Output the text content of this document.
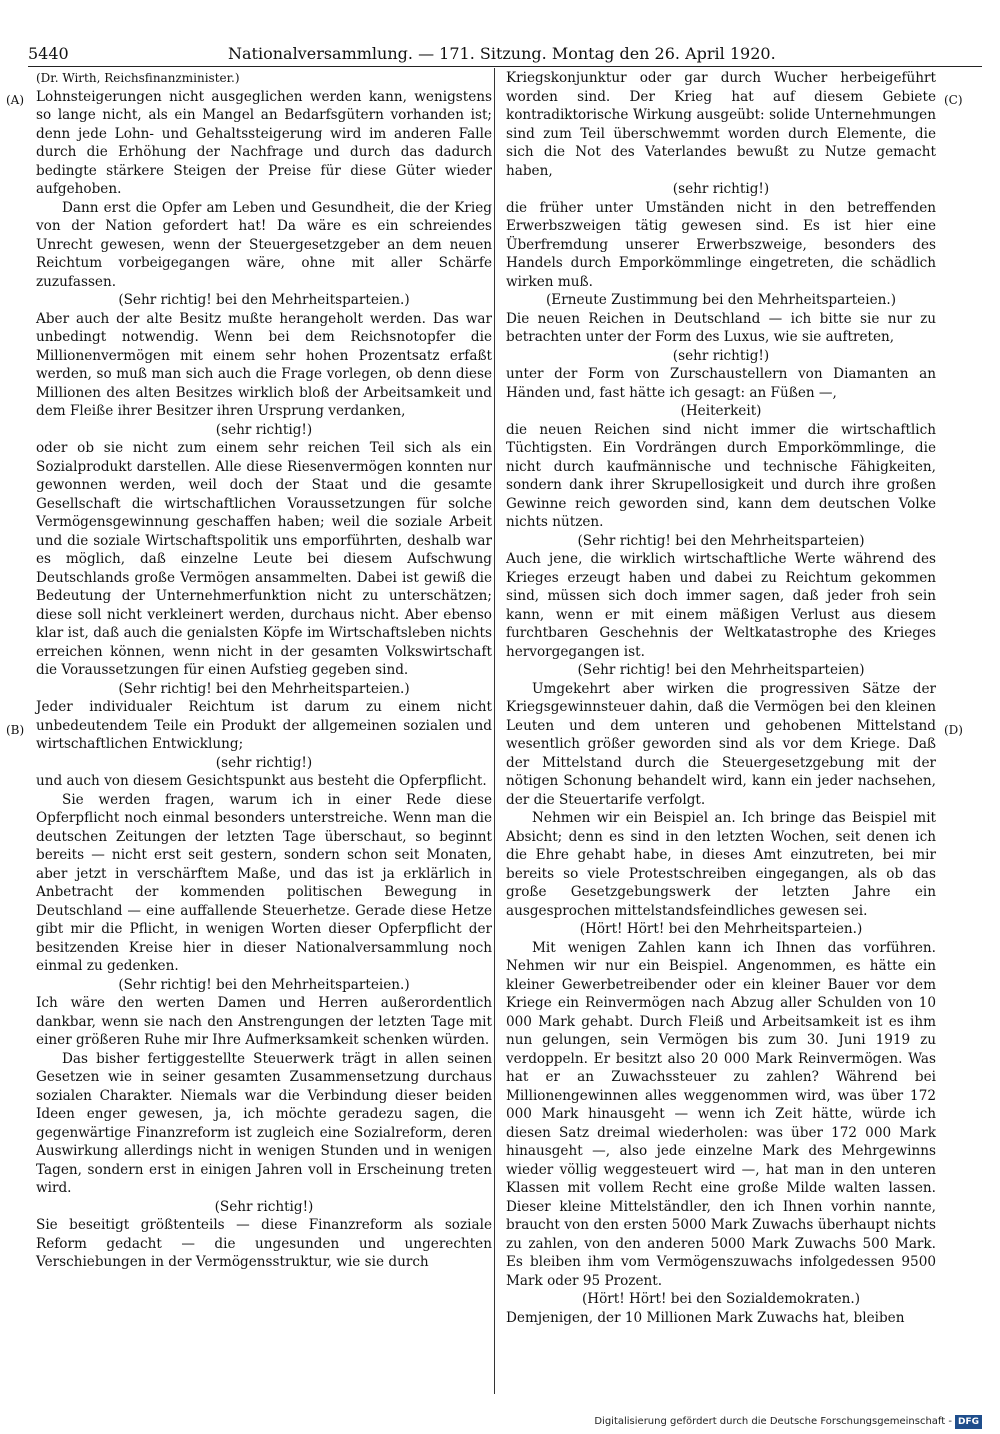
5440	Nationalversammlung. — 171. Sitzung. Montag den 26. April 1920.
(A)
(B)
(C)
(D)

(Dr. Wirth, Reichsfinanzminister.)

Lohnsteigerungen nicht ausgeglichen werden kann, wenigstens so lange nicht, als ein Mangel an Bedarfsgütern vorhanden ist; denn jede Lohn- und Gehaltssteigerung wird im anderen Falle durch die Erhöhung der Nachfrage und durch das dadurch bedingte stärkere Steigen der Preise für diese Güter wieder aufgehoben.

Dann erst die Opfer am Leben und Gesundheit, die der Krieg von der Nation gefordert hat! Da wäre es ein schreiendes Unrecht gewesen, wenn der Steuergesetzgeber an dem neuen Reichtum vorbeigegangen wäre, ohne mit aller Schärfe zuzufassen.

(Sehr richtig! bei den Mehrheitsparteien.)

Aber auch der alte Besitz mußte herangeholt werden. Das war unbedingt notwendig. Wenn bei dem Reichsnotopfer die Millionenvermögen mit einem sehr hohen Prozentsatz erfaßt werden, so muß man sich auch die Frage vorlegen, ob denn diese Millionen des alten Besitzes wirklich bloß der Arbeitsamkeit und dem Fleiße ihrer Besitzer ihren Ursprung verdanken,

(sehr richtig!)

oder ob sie nicht zum einem sehr reichen Teil sich als ein Sozialprodukt darstellen. Alle diese Riesenvermögen konnten nur gewonnen werden, weil doch der Staat und die gesamte Gesellschaft die wirtschaftlichen Voraussetzungen für solche Vermögensgewinnung geschaffen haben; weil die soziale Arbeit und die soziale Wirtschaftspolitik uns emporführten, deshalb war es möglich, daß einzelne Leute bei diesem Aufschwung Deutschlands große Vermögen ansammelten. Dabei ist gewiß die Bedeutung der Unternehmerfunktion nicht zu unterschätzen; diese soll nicht verkleinert werden, durchaus nicht. Aber ebenso klar ist, daß auch die genialsten Köpfe im Wirtschaftsleben nichts erreichen können, wenn nicht in der gesamten Volkswirtschaft die Voraussetzungen für einen Aufstieg gegeben sind.

(Sehr richtig! bei den Mehrheitsparteien.)

Jeder individualer Reichtum ist darum zu einem nicht unbedeutendem Teile ein Produkt der allgemeinen sozialen und wirtschaftlichen Entwicklung;

(sehr richtig!)

und auch von diesem Gesichtspunkt aus besteht die Opferpflicht.

Sie werden fragen, warum ich in einer Rede diese Opferpflicht noch einmal besonders unterstreiche. Wenn man die deutschen Zeitungen der letzten Tage überschaut, so beginnt bereits — nicht erst seit gestern, sondern schon seit Monaten, aber jetzt in verschärftem Maße, und das ist ja erklärlich in Anbetracht der kommenden politischen Bewegung in Deutschland — eine auffallende Steuerhetze. Gerade diese Hetze gibt mir die Pflicht, in wenigen Worten dieser Opferpflicht der besitzenden Kreise hier in dieser Nationalversammlung noch einmal zu gedenken.

(Sehr richtig! bei den Mehrheitsparteien.)

Ich wäre den werten Damen und Herren außerordentlich dankbar, wenn sie nach den Anstrengungen der letzten Tage mit einer größeren Ruhe mir Ihre Aufmerksamkeit schenken würden.

Das bisher fertiggestellte Steuerwerk trägt in allen seinen Gesetzen wie in seiner gesamten Zusammensetzung durchaus sozialen Charakter. Niemals war die Verbindung dieser beiden Ideen enger gewesen, ja, ich möchte geradezu sagen, die gegenwärtige Finanzreform ist zugleich eine Sozialreform, deren Auswirkung allerdings nicht in wenigen Stunden und in wenigen Tagen, sondern erst in einigen Jahren voll in Erscheinung treten wird.

(Sehr richtig!)

Sie beseitigt größtenteils — diese Finanzreform als soziale Reform gedacht — die ungesunden und ungerechten Verschiebungen in der Vermögensstruktur, wie sie durch

Kriegskonjunktur oder gar durch Wucher herbeigeführt worden sind. Der Krieg hat auf diesem Gebiete kontradiktorische Wirkung ausgeübt: solide Unternehmungen sind zum Teil überschwemmt worden durch Elemente, die sich die Not des Vaterlandes bewußt zu Nutze gemacht haben,

(sehr richtig!)

die früher unter Umständen nicht in den betreffenden Erwerbszweigen tätig gewesen sind. Es ist hier eine Überfremdung unserer Erwerbszweige, besonders des Handels durch Emporkömmlinge eingetreten, die schädlich wirken muß.

(Erneute Zustimmung bei den Mehrheitsparteien.)

Die neuen Reichen in Deutschland — ich bitte sie nur zu betrachten unter der Form des Luxus, wie sie auftreten,

(sehr richtig!)

unter der Form von Zurschaustellern von Diamanten an Händen und, fast hätte ich gesagt: an Füßen —,

(Heiterkeit)

die neuen Reichen sind nicht immer die wirtschaftlich Tüchtigsten. Ein Vordrängen durch Emporkömmlinge, die nicht durch kaufmännische und technische Fähigkeiten, sondern dank ihrer Skrupellosigkeit und durch ihre großen Gewinne reich geworden sind, kann dem deutschen Volke nichts nützen.

(Sehr richtig! bei den Mehrheitsparteien)

Auch jene, die wirklich wirtschaftliche Werte während des Krieges erzeugt haben und dabei zu Reichtum gekommen sind, müssen sich doch immer sagen, daß jeder froh sein kann, wenn er mit einem mäßigen Verlust aus diesem furchtbaren Geschehnis der Weltkatastrophe des Krieges hervorgegangen ist.

(Sehr richtig! bei den Mehrheitsparteien)

Umgekehrt aber wirken die progressiven Sätze der Kriegsgewinnsteuer dahin, daß die Vermögen bei den kleinen Leuten und dem unteren und gehobenen Mittelstand wesentlich größer geworden sind als vor dem Kriege. Daß der Mittelstand durch die Steuergesetzgebung mit der nötigen Schonung behandelt wird, kann ein jeder nachsehen, der die Steuertarife verfolgt.

Nehmen wir ein Beispiel an. Ich bringe das Beispiel mit Absicht; denn es sind in den letzten Wochen, seit denen ich die Ehre gehabt habe, in dieses Amt einzutreten, bei mir bereits so viele Protestschreiben eingegangen, als ob das große Gesetzgebungswerk der letzten Jahre ein ausgesprochen mittelstandsfeindliches gewesen sei.

(Hört! Hört! bei den Mehrheitsparteien.)

Mit wenigen Zahlen kann ich Ihnen das vorführen. Nehmen wir nur ein Beispiel. Angenommen, es hätte ein kleiner Gewerbetreibender oder ein kleiner Bauer vor dem Kriege ein Reinvermögen nach Abzug aller Schulden von 10 000 Mark gehabt. Durch Fleiß und Arbeitsamkeit ist es ihm nun gelungen, sein Vermögen bis zum 30. Juni 1919 zu verdoppeln. Er besitzt also 20 000 Mark Reinvermögen. Was hat er an Zuwachssteuer zu zahlen? Während bei Millionengewinnen alles weggenommen wird, was über 172 000 Mark hinausgeht — wenn ich Zeit hätte, würde ich diesen Satz dreimal wiederholen: was über 172 000 Mark hinausgeht —, also jede einzelne Mark des Mehrgewinns wieder völlig weggesteuert wird —, hat man in den unteren Klassen mit vollem Recht eine große Milde walten lassen. Dieser kleine Mittelständler, den ich Ihnen vorhin nannte, braucht von den ersten 5000 Mark Zuwachs überhaupt nichts zu zahlen, von den anderen 5000 Mark Zuwachs 500 Mark. Es bleiben ihm vom Vermögenszuwachs infolgedessen 9500 Mark oder 95 Prozent.

(Hört! Hört! bei den Sozialdemokraten.)

Demjenigen, der 10 Millionen Mark Zuwachs hat, bleiben

Digitalisierung gefördert durch die Deutsche Forschungsgemeinschaft - DFG
